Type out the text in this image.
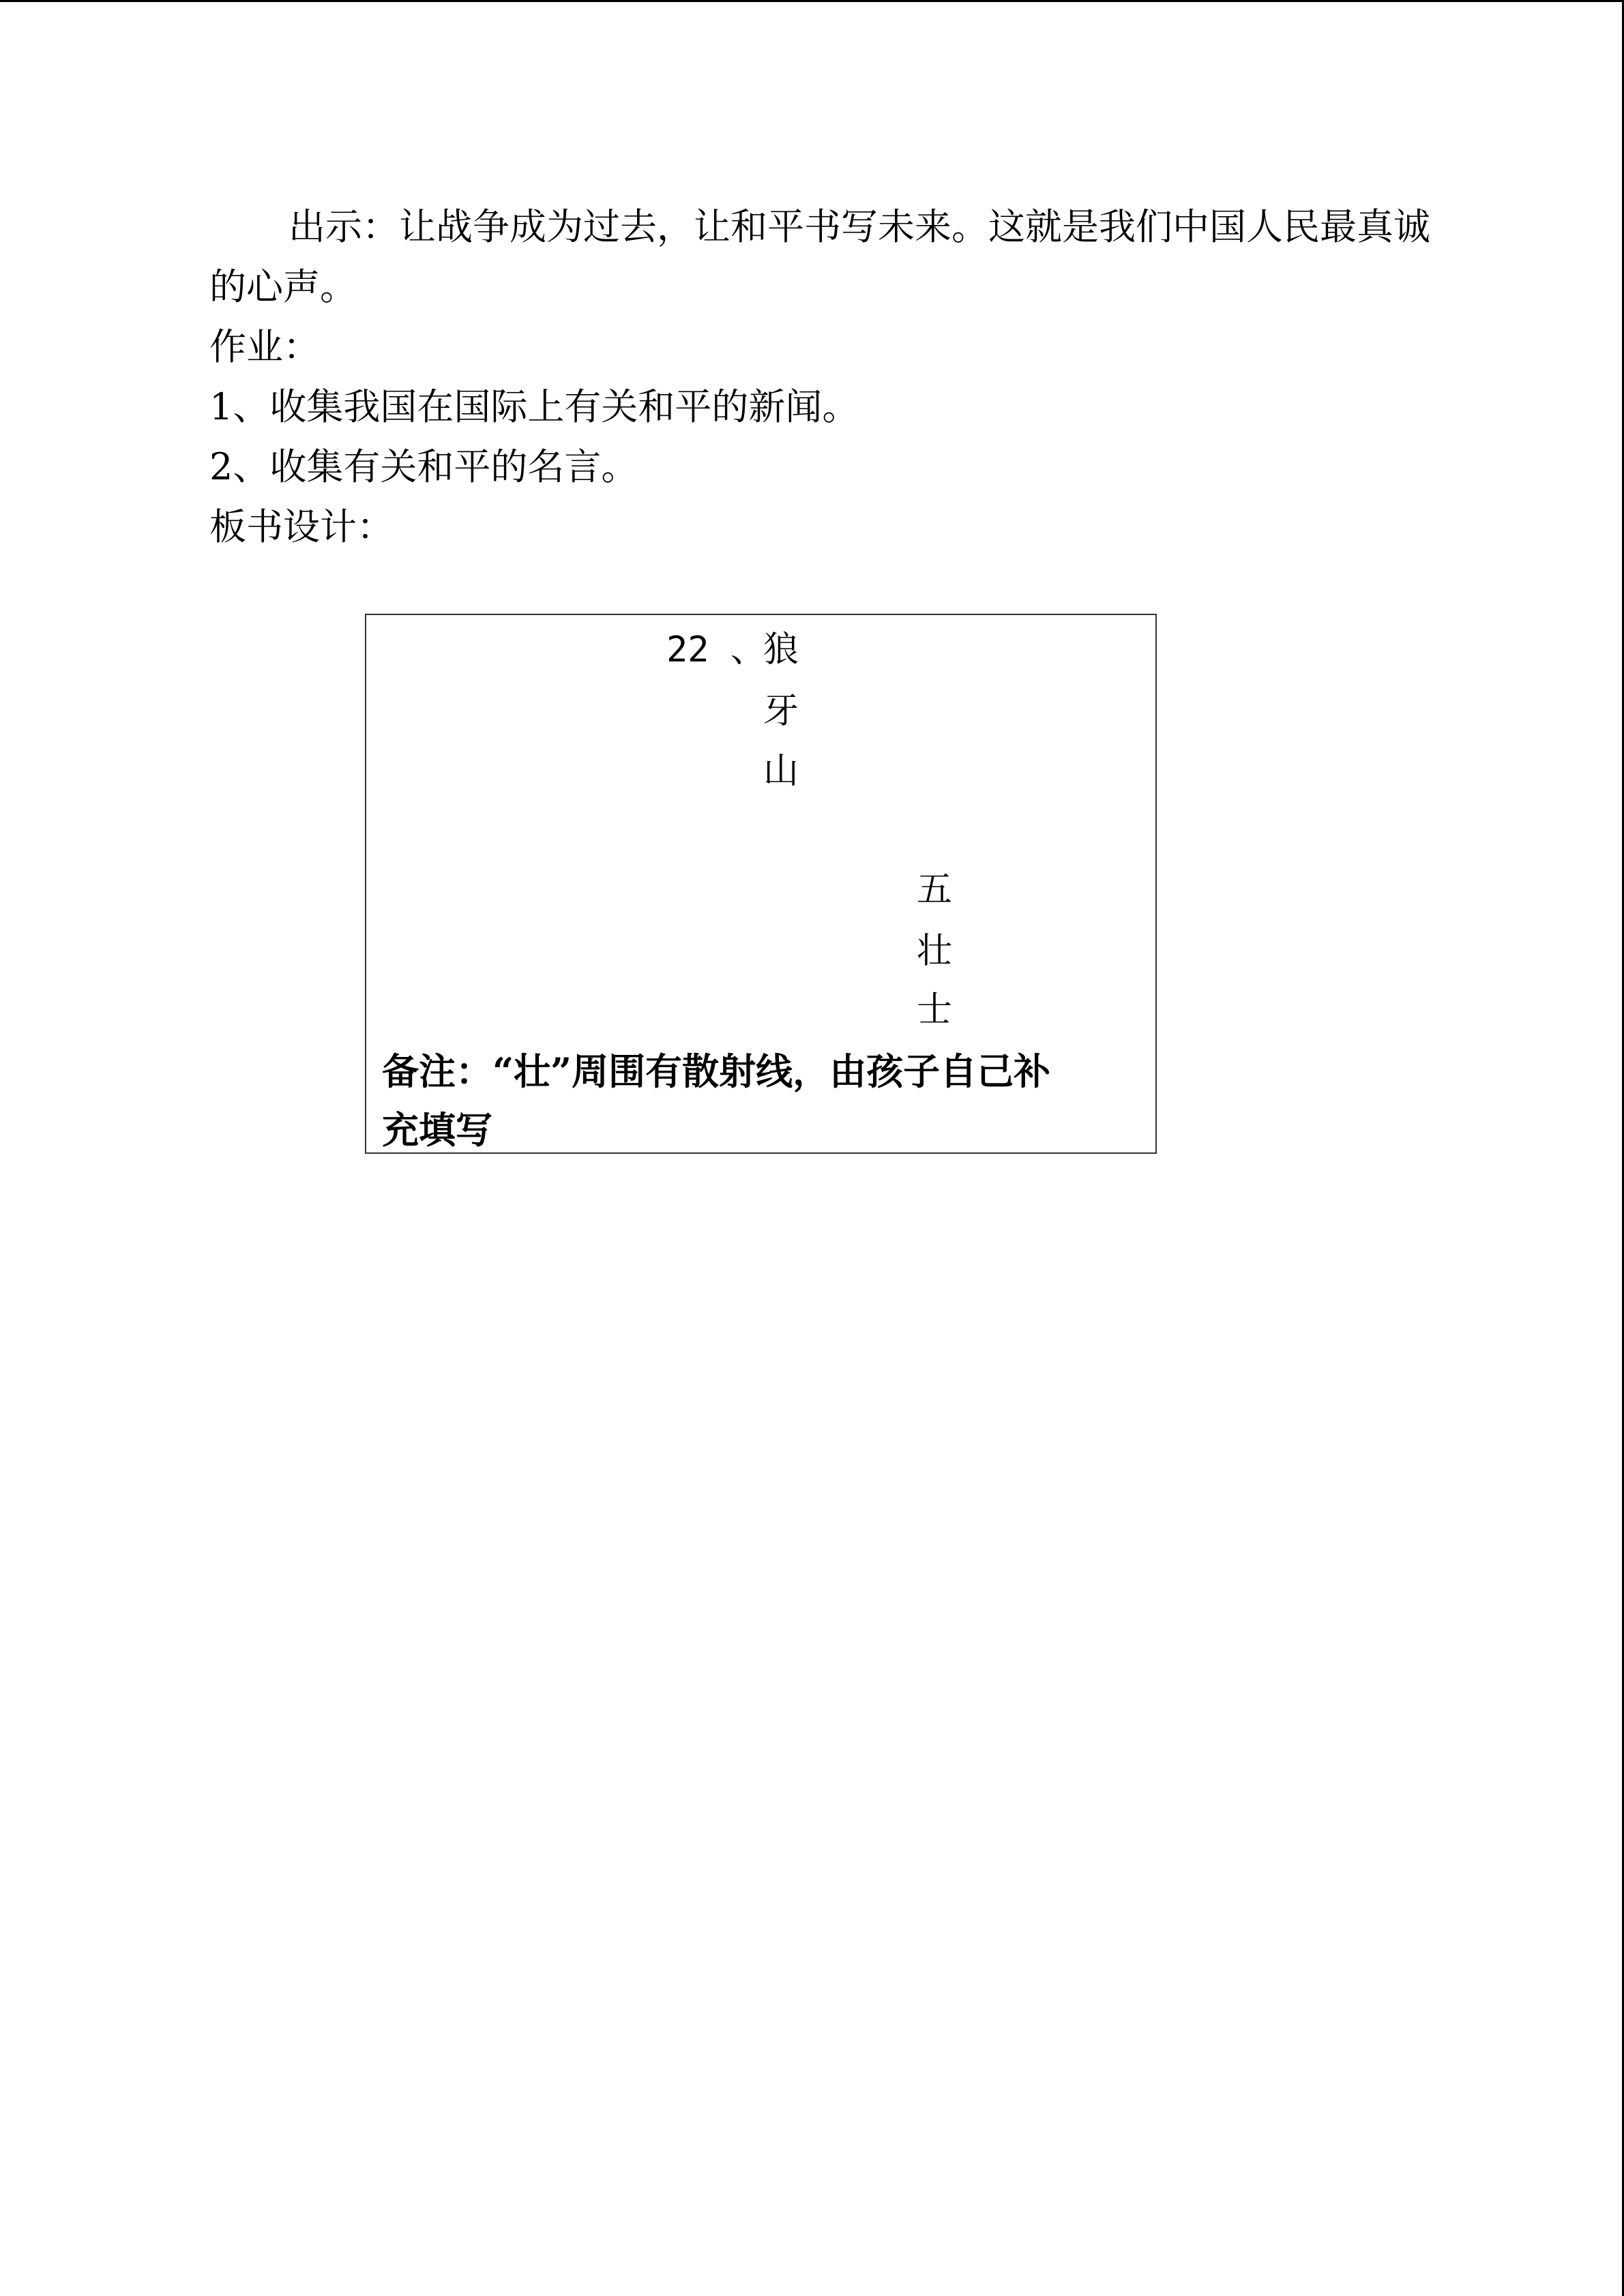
出示：让战争成为过去，让和平书写未来。这就是我们中国人民最真诚
的心声。
作业：
1、收集我国在国际上有关和平的新闻。
2、收集有关和平的名言。
板书设计：
22 、
狼
牙
山
五
壮
士
备注：“壮”周围有散射线，由孩子自己补
充填写
